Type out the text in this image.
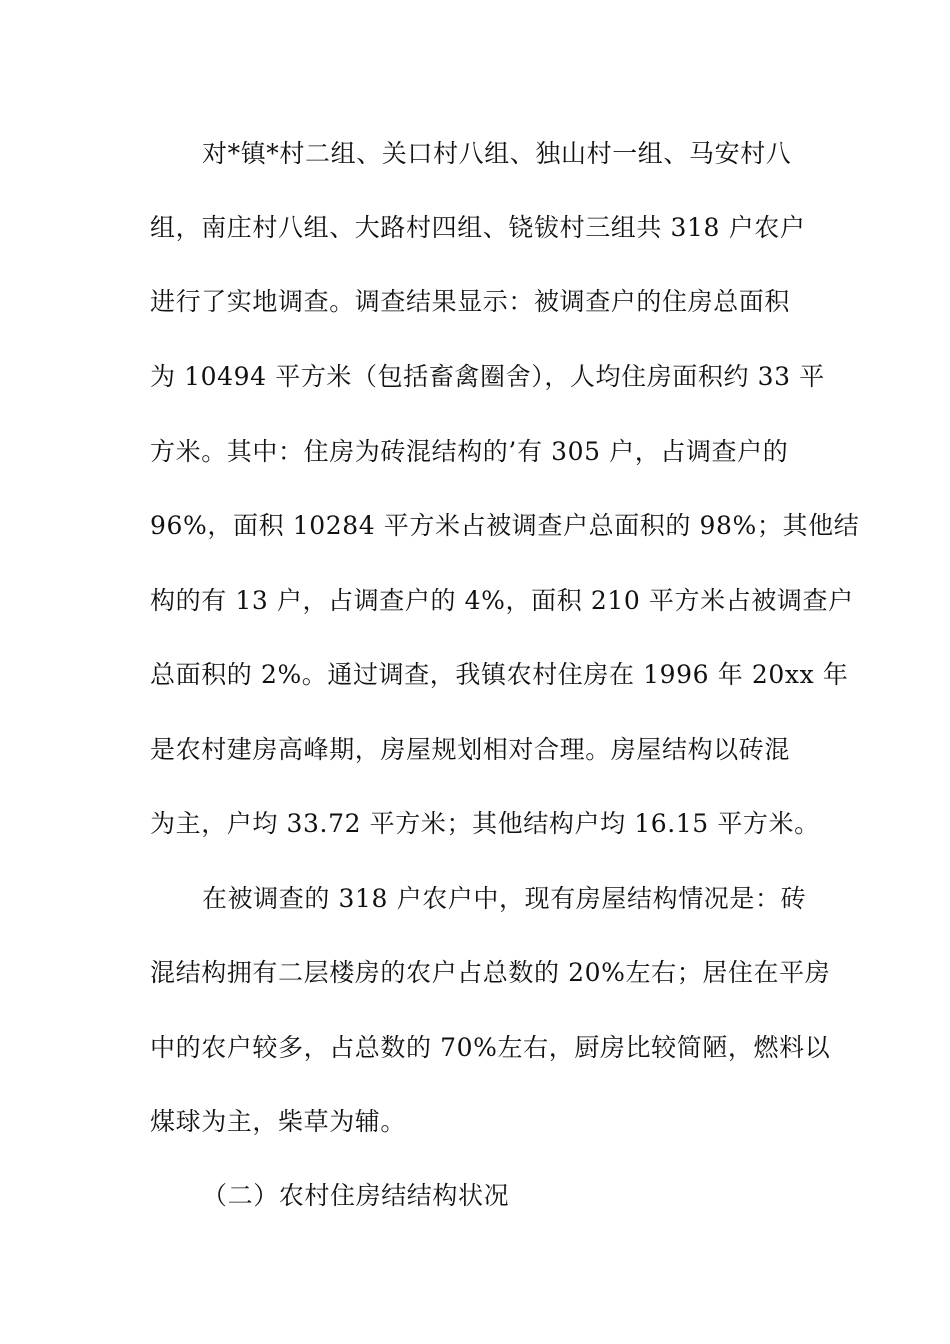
对*镇*村二组、关口村八组、独山村一组、马安村八
组，南庄村八组、大路村四组、铙钹村三组共 318 户农户
进行了实地调查。调查结果显示：被调查户的住房总面积
为 10494 平方米（包括畜禽圈舍），人均住房面积约 33 平
方米。其中：住房为砖混结构的’有 305 户，占调查户的
96%，面积 10284 平方米占被调查户总面积的 98%；其他结
构的有 13 户，占调查户的 4%，面积 210 平方米占被调查户
总面积的 2%。通过调查，我镇农村住房在 1996 年 20xx 年
是农村建房高峰期，房屋规划相对合理。房屋结构以砖混
为主，户均 33.72 平方米；其他结构户均 16.15 平方米。
在被调查的 318 户农户中，现有房屋结构情况是：砖
混结构拥有二层楼房的农户占总数的 20%左右；居住在平房
中的农户较多，占总数的 70%左右，厨房比较简陋，燃料以
煤球为主，柴草为辅。
（二）农村住房结结构状况
